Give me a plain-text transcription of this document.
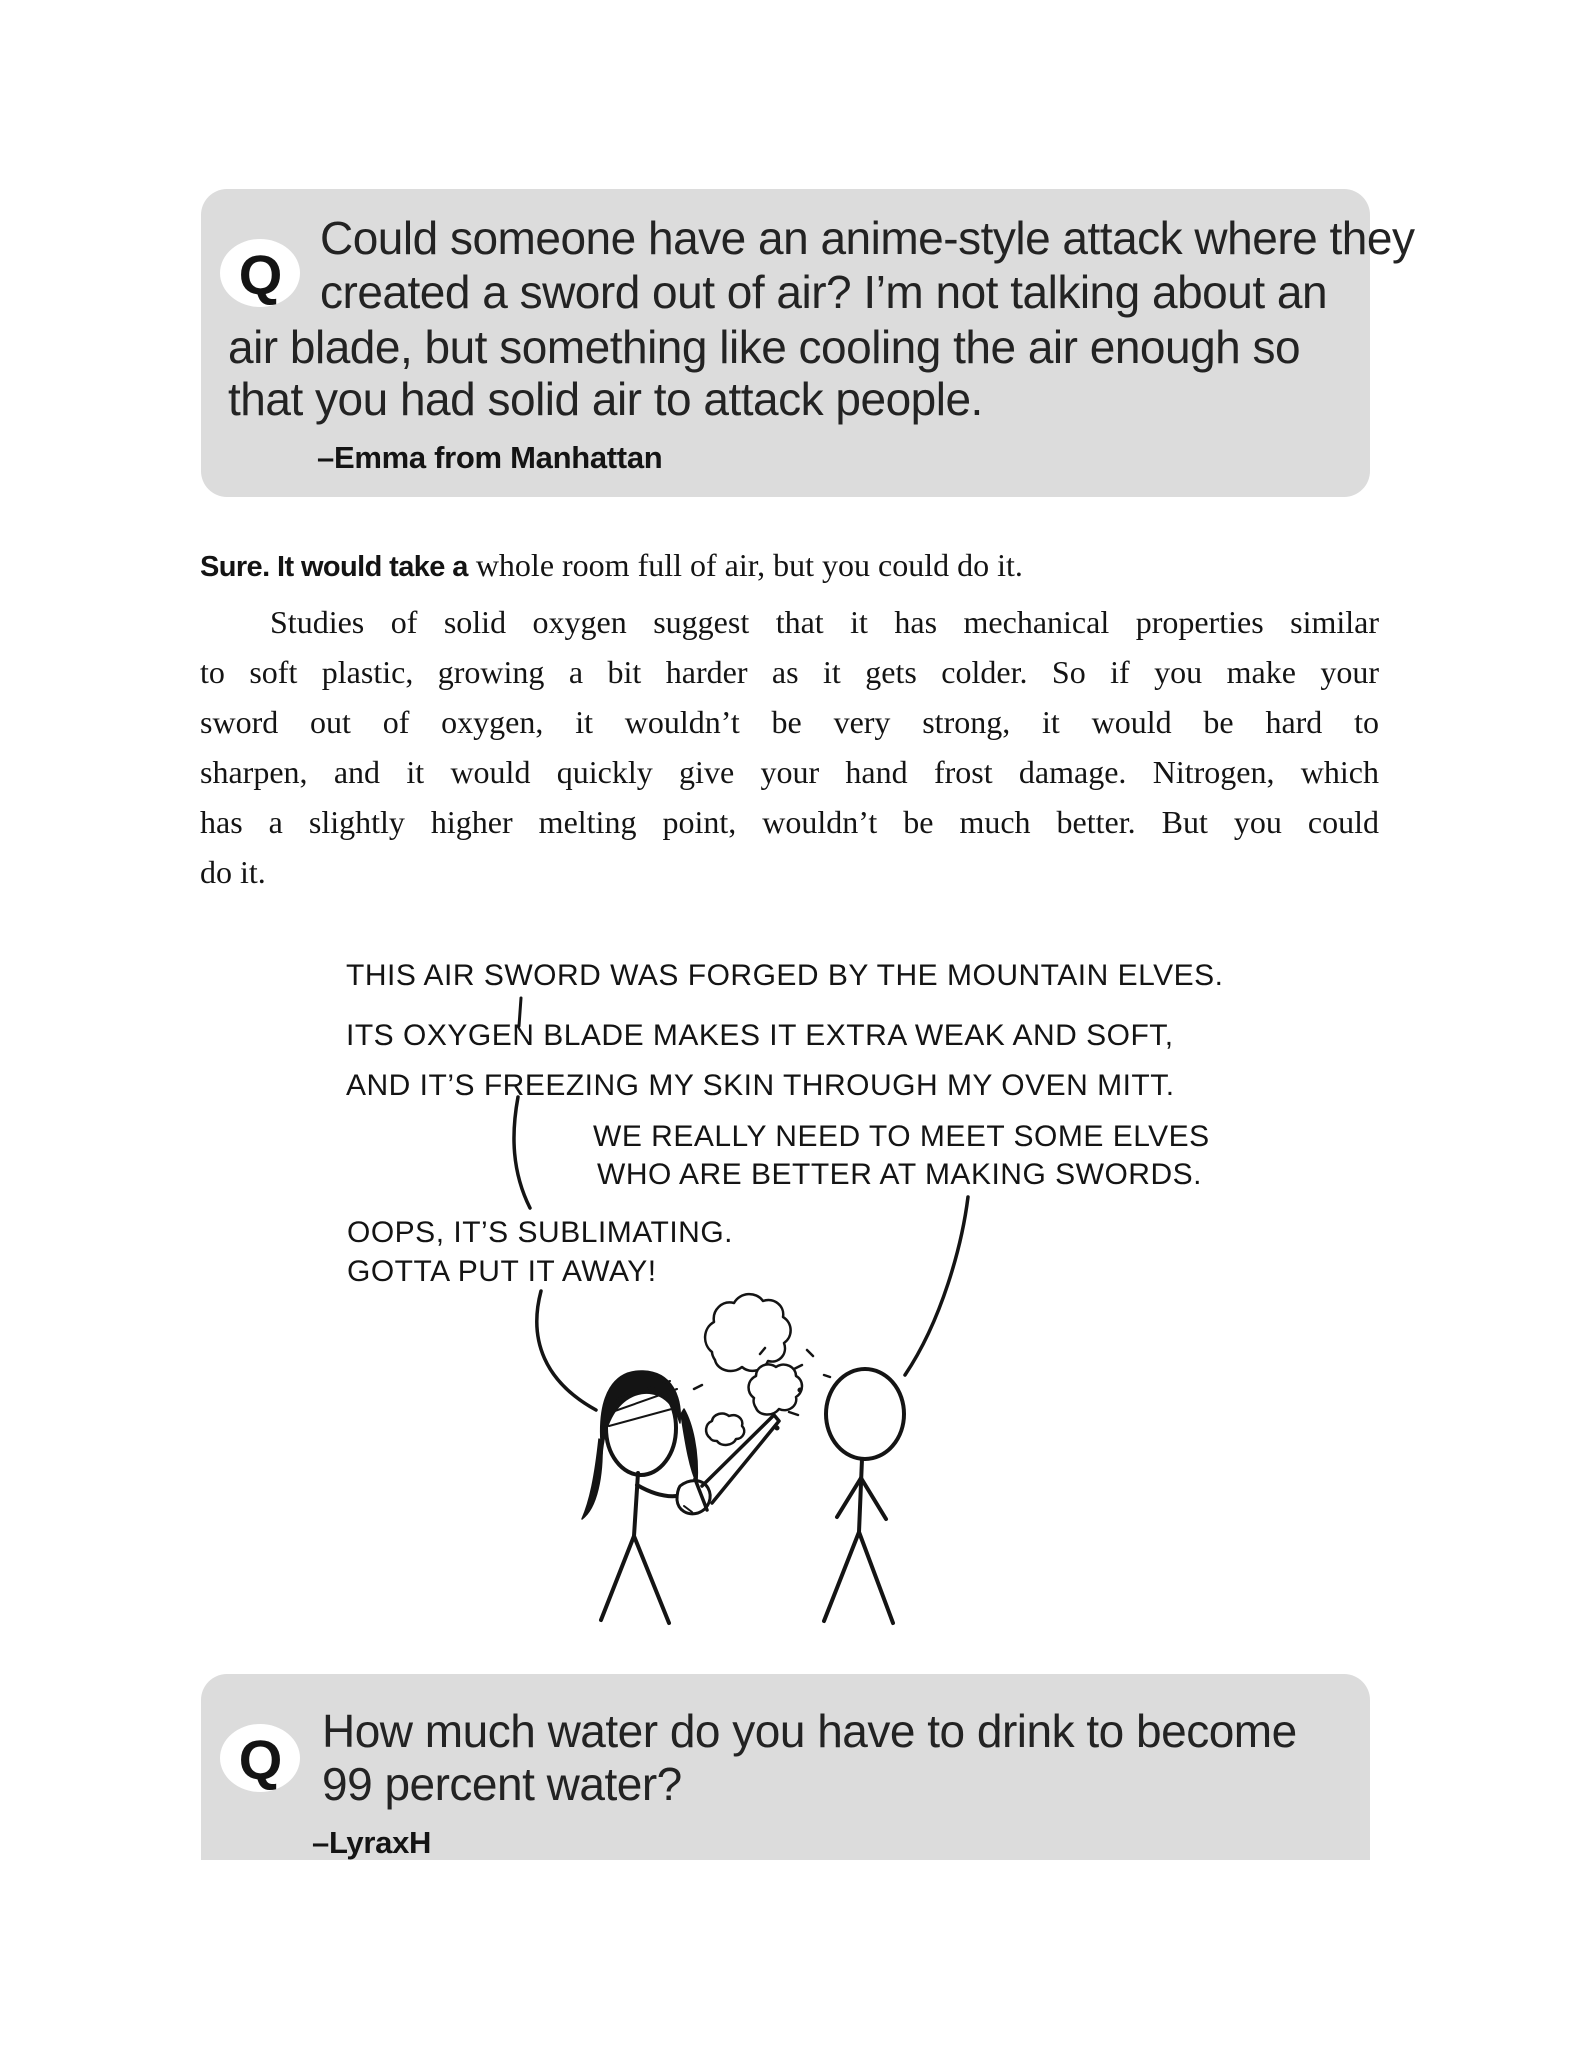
Q
Could someone have an anime-style attack where they
created a sword out of air? I’m not talking about an
air blade, but something like cooling the air enough so
that you had solid air to attack people.
–Emma from Manhattan
Sure. It would take a whole room full of air, but you could do it.
Studies of solid oxygen suggest that it has mechanical properties similar
to soft plastic, growing a bit harder as it gets colder. So if you make your
sword out of oxygen, it wouldn’t be very strong, it would be hard to
sharpen, and it would quickly give your hand frost damage. Nitrogen, which
has a slightly higher melting point, wouldn’t be much better. But you could
do it.
THIS AIR SWORD WAS FORGED BY THE MOUNTAIN ELVES.
ITS OXYGEN BLADE MAKES IT EXTRA WEAK AND SOFT,
AND IT’S FREEZING MY SKIN THROUGH MY OVEN MITT.
WE REALLY NEED TO MEET SOME ELVES
WHO ARE BETTER AT MAKING SWORDS.
OOPS, IT’S SUBLIMATING.
GOTTA PUT IT AWAY!
Q How much water do you have to drink to become
99 percent water?
–LyraxH
